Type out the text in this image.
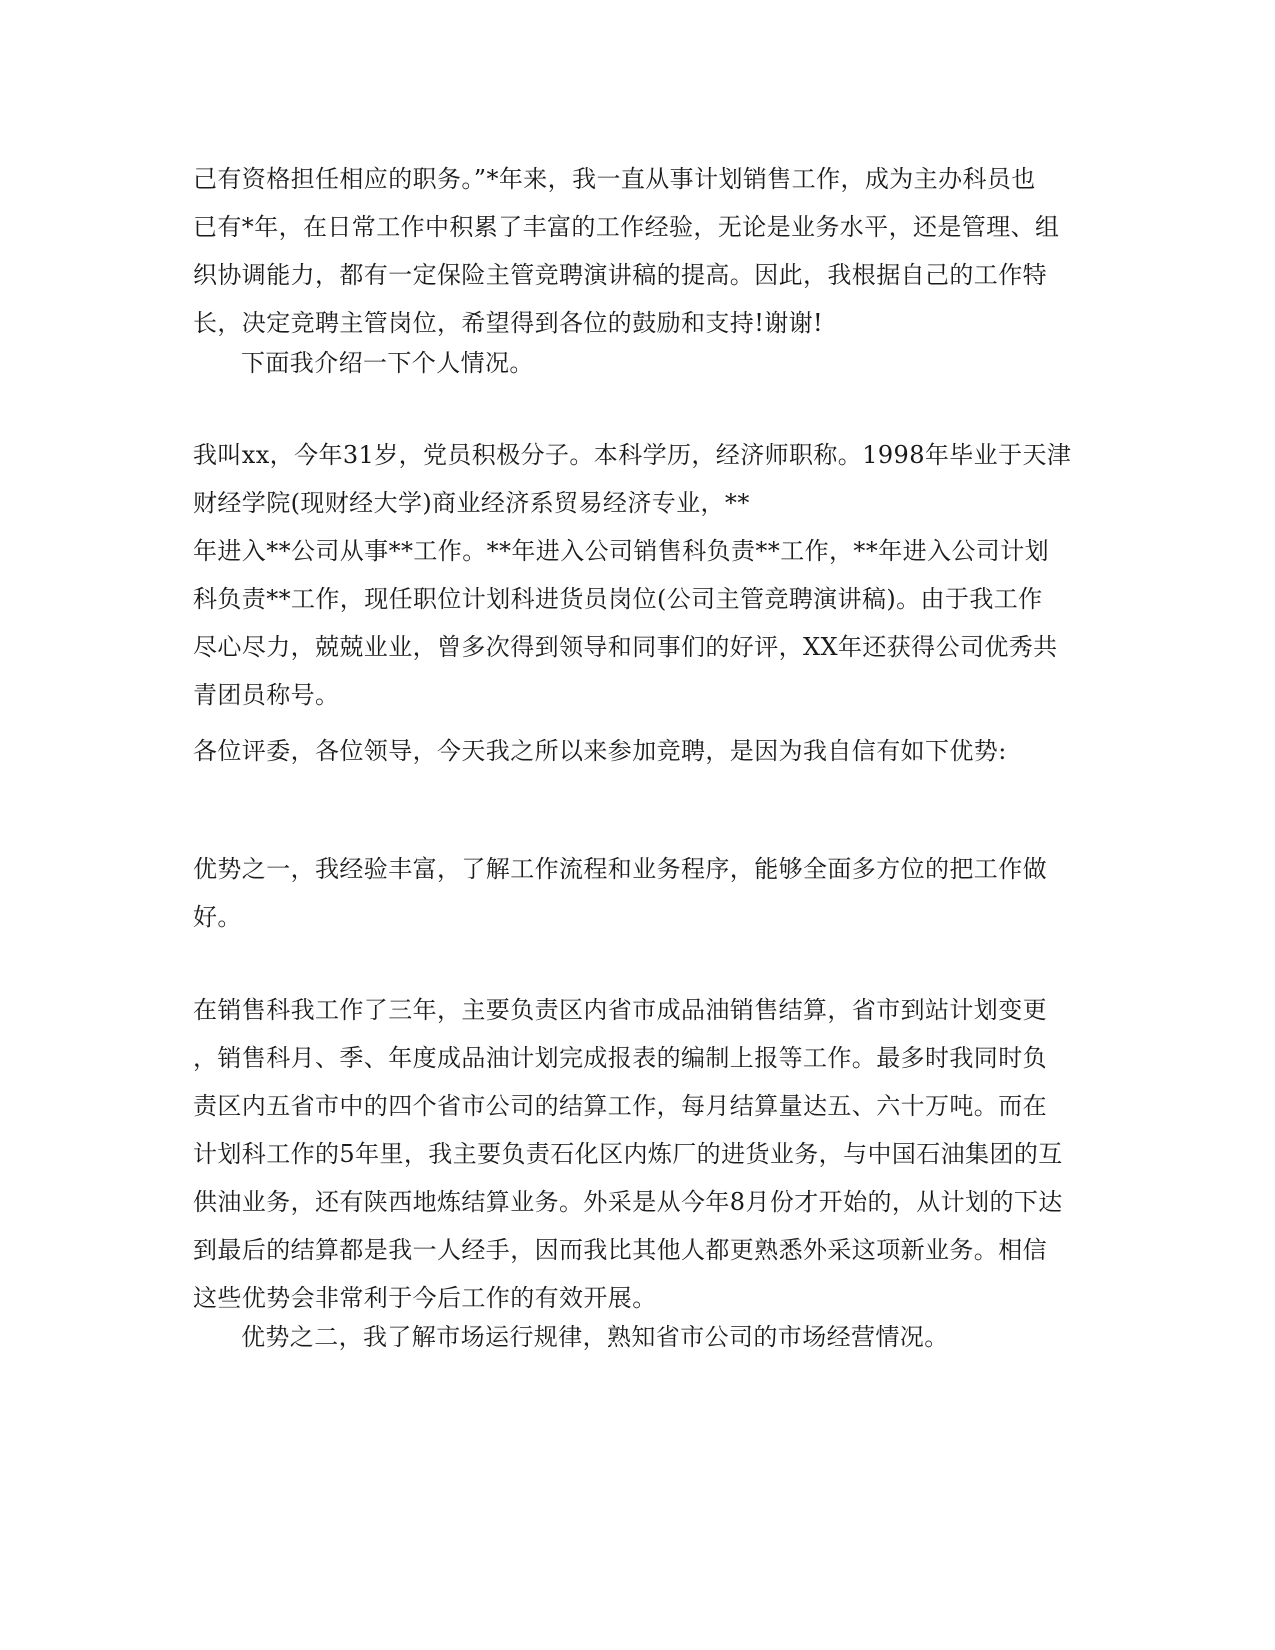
己有资格担任相应的职务。”*年来，我一直从事计划销售工作，成为主办科员也
已有*年，在日常工作中积累了丰富的工作经验，无论是业务水平，还是管理、组
织协调能力，都有一定保险主管竞聘演讲稿的提高。因此，我根据自己的工作特
长，决定竞聘主管岗位，希望得到各位的鼓励和支持!谢谢!
下面我介绍一下个人情况。
我叫xx，今年31岁，党员积极分子。本科学历，经济师职称。1998年毕业于天津
财经学院(现财经大学)商业经济系贸易经济专业，**
年进入**公司从事**工作。**年进入公司销售科负责**工作，**年进入公司计划
科负责**工作，现任职位计划科进货员岗位(公司主管竞聘演讲稿)。由于我工作
尽心尽力，兢兢业业，曾多次得到领导和同事们的好评，XX年还获得公司优秀共
青团员称号。
各位评委，各位领导，今天我之所以来参加竞聘，是因为我自信有如下优势:
优势之一，我经验丰富，了解工作流程和业务程序，能够全面多方位的把工作做
好。
在销售科我工作了三年，主要负责区内省市成品油销售结算，省市到站计划变更
，销售科月、季、年度成品油计划完成报表的编制上报等工作。最多时我同时负
责区内五省市中的四个省市公司的结算工作，每月结算量达五、六十万吨。而在
计划科工作的5年里，我主要负责石化区内炼厂的进货业务，与中国石油集团的互
供油业务，还有陕西地炼结算业务。外采是从今年8月份才开始的，从计划的下达
到最后的结算都是我一人经手，因而我比其他人都更熟悉外采这项新业务。相信
这些优势会非常利于今后工作的有效开展。
优势之二，我了解市场运行规律，熟知省市公司的市场经营情况。
